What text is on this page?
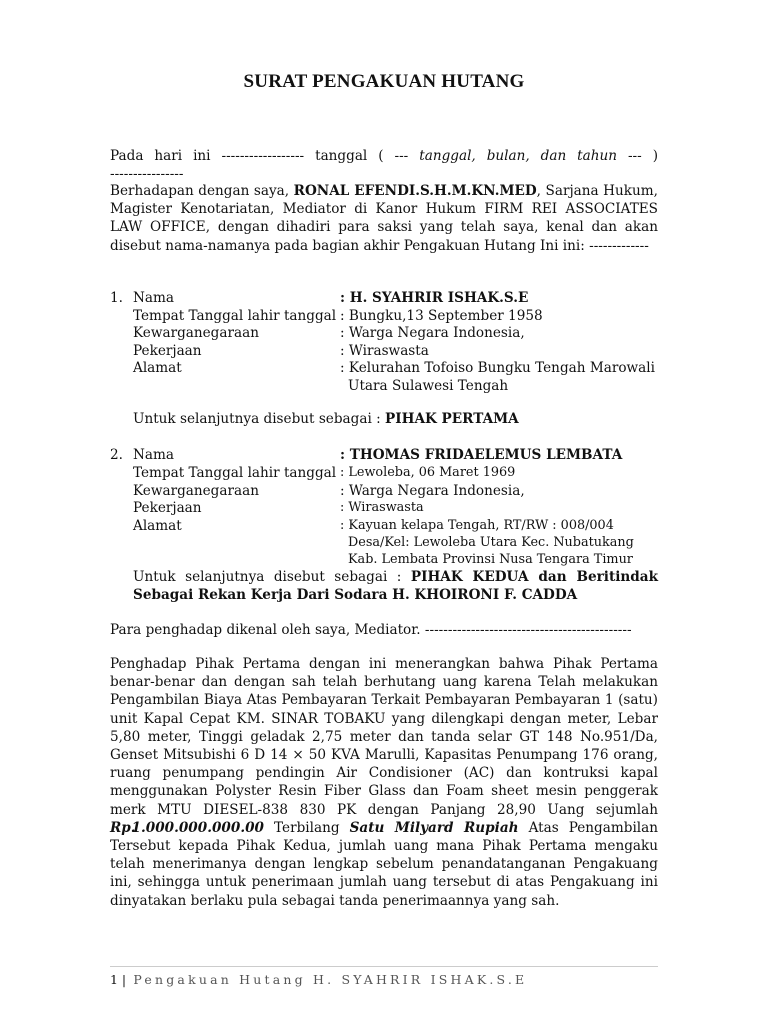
SURAT PENGAKUAN HUTANG
Pada hari ini ------------------ tanggal ( --- tanggal, bulan, dan tahun --- )
----------------
Berhadapan dengan saya, RONAL EFENDI.S.H.M.KN.MED, Sarjana Hukum, Magister Kenotariatan, Mediator di Kanor Hukum FIRM REI ASSOCIATES LAW OFFICE, dengan dihadiri para saksi yang telah saya, kenal dan akan disebut nama-namanya pada bagian akhir Pengakuan Hutang Ini ini: -------------
1. Nama	: H. SYAHRIR ISHAK.S.E
Tempat Tanggal lahir tanggal : Bungku,13 September 1958
Kewarganegaraan	: Warga Negara Indonesia,
Pekerjaan	: Wiraswasta
Alamat	: Kelurahan Tofoiso Bungku Tengah Marowali
Utara Sulawesi Tengah
Untuk selanjutnya disebut sebagai : PIHAK PERTAMA
2. Nama	: THOMAS FRIDAELEMUS LEMBATA
Tempat Tanggal lahir tanggal : Lewoleba, 06 Maret 1969
Kewarganegaraan	: Warga Negara Indonesia,
Pekerjaan	: Wiraswasta
Alamat	: Kayuan kelapa Tengah, RT/RW : 008/004
Desa/Kel: Lewoleba Utara Kec. Nubatukang
Kab. Lembata Provinsi Nusa Tengara Timur
Untuk selanjutnya disebut sebagai : PIHAK KEDUA dan Beritindak Sebagai Rekan Kerja Dari Sodara H. KHOIRONI F. CADDA
Para penghadap dikenal oleh saya, Mediator. ---------------------------------------------
Penghadap Pihak Pertama dengan ini menerangkan bahwa Pihak Pertama benar-benar dan dengan sah telah berhutang uang karena Telah melakukan Pengambilan Biaya Atas Pembayaran Terkait Pembayaran Pembayaran 1 (satu) unit Kapal Cepat KM. SINAR TOBAKU yang dilengkapi dengan meter, Lebar 5,80 meter, Tinggi geladak 2,75 meter dan tanda selar GT 148 No.951/Da, Genset Mitsubishi 6 D 14 × 50 KVA Marulli, Kapasitas Penumpang 176 orang, ruang penumpang pendingin Air Condisioner (AC) dan kontruksi kapal menggunakan Polyster Resin Fiber Glass dan Foam sheet mesin penggerak merk MTU DIESEL-838 830 PK dengan Panjang 28,90 Uang sejumlah Rp.1.000.000.000.00 Terbilang Satu Milyard Rupiah Atas Pengambilan Tersebut kepada Pihak Kedua, jumlah uang mana Pihak Pertama mengaku telah menerimanya dengan lengkap sebelum penandatanganan Pengakuang ini, sehingga untuk penerimaan jumlah uang tersebut di atas Pengakuang ini dinyatakan berlaku pula sebagai tanda penerimaannya yang sah.
1 | Pengakuan Hutang H. SYAHRIR ISHAK.S.E
